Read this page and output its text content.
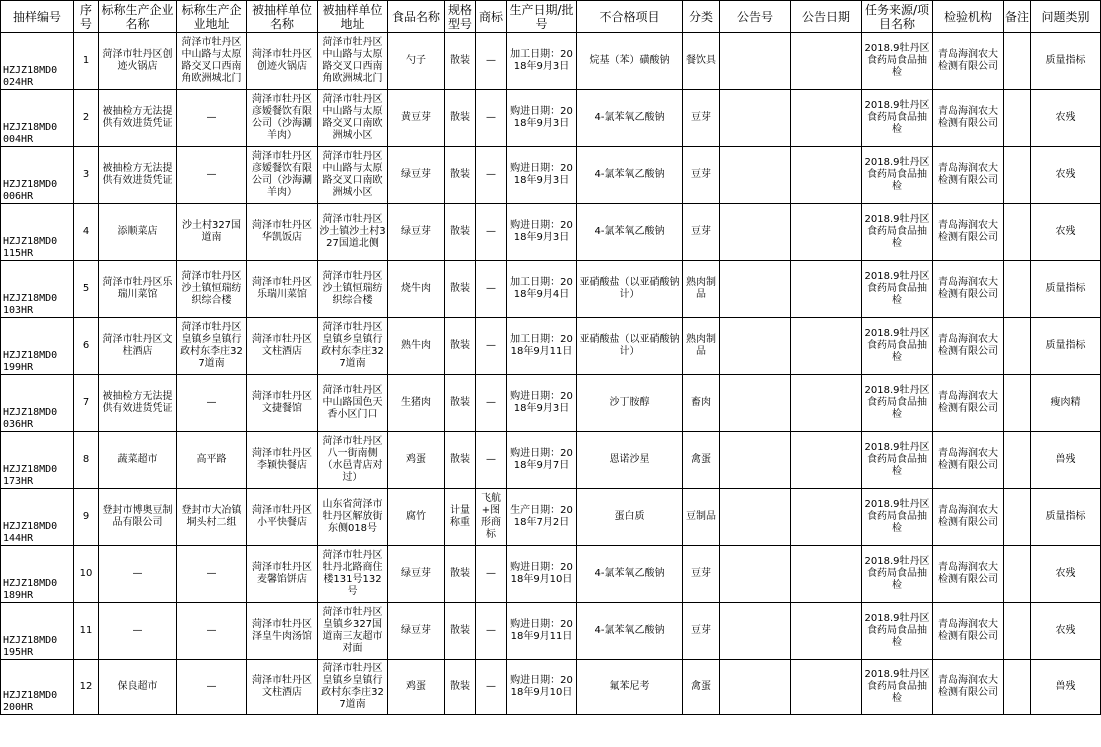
抽样编号	序号	标称生产企业名称	标称生产企业地址	被抽样单位名称	被抽样单位地址	食品名称	规格型号	商标	生产日期/批号	不合格项目	分类	公告号	公告日期	任务来源/项目名称	检验机构	备注	问题类别
HZJZ18MD0
024HR	1	菏泽市牡丹区创迹火锅店	菏泽市牡丹区中山路与太原路交叉口西南角欧洲城北门	菏泽市牡丹区创迹火锅店	菏泽市牡丹区中山路与太原路交叉口西南角欧洲城北门	勺子	散装	—	加工日期：2018年9月3日	烷基（苯）磺酸钠	餐饮具			2018.9牡丹区食药局食品抽检	青岛海润农大检测有限公司		质量指标
HZJZ18MD0
004HR	2	被抽检方无法提供有效进货凭证	—	菏泽市牡丹区彦嫒餐饮有限公司（沙海涮羊肉）	菏泽市牡丹区中山路与太原路交叉口南欧洲城小区	黄豆芽	散装	—	购进日期：2018年9月3日	4-氯苯氧乙酸钠	豆芽			2018.9牡丹区食药局食品抽检	青岛海润农大检测有限公司		农残
HZJZ18MD0
006HR	3	被抽检方无法提供有效进货凭证	—	菏泽市牡丹区彦嫒餐饮有限公司（沙海涮羊肉）	菏泽市牡丹区中山路与太原路交叉口南欧洲城小区	绿豆芽	散装	—	购进日期：2018年9月3日	4-氯苯氧乙酸钠	豆芽			2018.9牡丹区食药局食品抽检	青岛海润农大检测有限公司		农残
HZJZ18MD0
115HR	4	添顺菜店	沙土村327国道南	菏泽市牡丹区华凯饭店	菏泽市牡丹区沙土镇沙土村327国道北侧	绿豆芽	散装	—	购进日期：2018年9月3日	4-氯苯氧乙酸钠	豆芽			2018.9牡丹区食药局食品抽检	青岛海润农大检测有限公司		农残
HZJZ18MD0
103HR	5	菏泽市牡丹区乐瑞川菜馆	菏泽市牡丹区沙土镇恒瑞纺织综合楼	菏泽市牡丹区乐瑞川菜馆	菏泽市牡丹区沙土镇恒瑞纺织综合楼	烧牛肉	散装	—	加工日期：2018年9月4日	亚硝酸盐（以亚硝酸钠计）	熟肉制品			2018.9牡丹区食药局食品抽检	青岛海润农大检测有限公司		质量指标
HZJZ18MD0
199HR	6	菏泽市牡丹区文柱酒店	菏泽市牡丹区皇镇乡皇镇行政村东李庄327道南	菏泽市牡丹区文柱酒店	菏泽市牡丹区皇镇乡皇镇行政村东李庄327道南	熟牛肉	散装	—	加工日期：2018年9月11日	亚硝酸盐（以亚硝酸钠计）	熟肉制品			2018.9牡丹区食药局食品抽检	青岛海润农大检测有限公司		质量指标
HZJZ18MD0
036HR	7	被抽检方无法提供有效进货凭证	—	菏泽市牡丹区文捷餐馆	菏泽市牡丹区中山路国色天香小区门口	生猪肉	散装	—	购进日期：2018年9月3日	沙丁胺醇	畜肉			2018.9牡丹区食药局食品抽检	青岛海润农大检测有限公司		瘦肉精
HZJZ18MD0
173HR	8	蔬菜超市	高平路	菏泽市牡丹区李颖快餐店	菏泽市牡丹区八一街南侧（水邑青店对过）	鸡蛋	散装	—	购进日期：2018年9月7日	恩诺沙星	禽蛋			2018.9牡丹区食药局食品抽检	青岛海润农大检测有限公司		兽残
HZJZ18MD0
144HR	9	登封市博奥豆制品有限公司	登封市大冶镇垌头村二组	菏泽市牡丹区小平快餐店	山东省菏泽市牡丹区解放街东侧018号	腐竹	计量称重	飞航+图形商标	生产日期：2018年7月2日	蛋白质	豆制品			2018.9牡丹区食药局食品抽检	青岛海润农大检测有限公司		质量指标
HZJZ18MD0
189HR	10	—	—	菏泽市牡丹区麦馨馅饼店	菏泽市牡丹区牡丹北路商住楼131号132号	绿豆芽	散装	—	购进日期：2018年9月10日	4-氯苯氧乙酸钠	豆芽			2018.9牡丹区食药局食品抽检	青岛海润农大检测有限公司		农残
HZJZ18MD0
195HR	11	—	—	菏泽市牡丹区泽皇牛肉汤馆	菏泽市牡丹区皇镇乡327国道南三友超市对面	绿豆芽	散装	—	购进日期：2018年9月11日	4-氯苯氧乙酸钠	豆芽			2018.9牡丹区食药局食品抽检	青岛海润农大检测有限公司		农残
HZJZ18MD0
200HR	12	保良超市	—	菏泽市牡丹区文柱酒店	菏泽市牡丹区皇镇乡皇镇行政村东李庄327道南	鸡蛋	散装	—	购进日期：2018年9月10日	氟苯尼考	禽蛋			2018.9牡丹区食药局食品抽检	青岛海润农大检测有限公司		兽残
